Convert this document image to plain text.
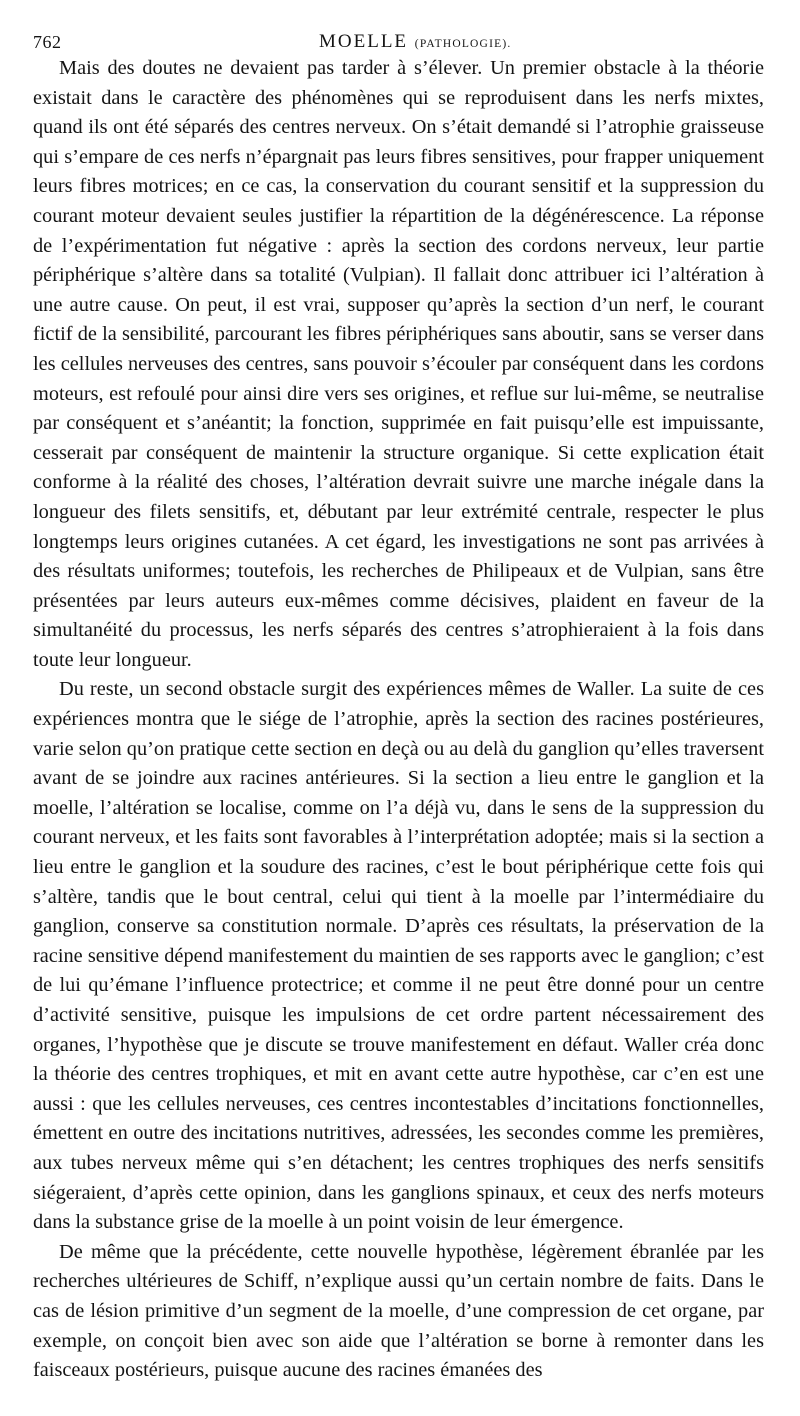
762	MOELLE (PATHOLOGIE).

Mais des doutes ne devaient pas tarder à s’élever. Un premier obstacle à la théorie existait dans le caractère des phénomènes qui se reproduisent dans les nerfs mixtes, quand ils ont été séparés des centres nerveux. On s’était demandé si l’atrophie graisseuse qui s’empare de ces nerfs n’épargnait pas leurs fibres sensitives, pour frapper uniquement leurs fibres motrices; en ce cas, la conservation du courant sensitif et la suppression du courant moteur devaient seules justifier la répartition de la dégénérescence. La réponse de l’expérimentation fut négative : après la section des cordons nerveux, leur partie périphérique s’altère dans sa totalité (Vulpian). Il fallait donc attribuer ici l’altération à une autre cause. On peut, il est vrai, supposer qu’après la section d’un nerf, le courant fictif de la sensibilité, parcourant les fibres périphériques sans aboutir, sans se verser dans les cellules nerveuses des centres, sans pouvoir s’écouler par conséquent dans les cordons moteurs, est refoulé pour ainsi dire vers ses origines, et reflue sur lui-même, se neutralise par conséquent et s’anéantit; la fonction, supprimée en fait puisqu’elle est impuissante, cesserait par conséquent de maintenir la structure organique. Si cette explication était conforme à la réalité des choses, l’altération devrait suivre une marche inégale dans la longueur des filets sensitifs, et, débutant par leur extrémité centrale, respecter le plus longtemps leurs origines cutanées. A cet égard, les investigations ne sont pas arrivées à des résultats uniformes; toutefois, les recherches de Philipeaux et de Vulpian, sans être présentées par leurs auteurs eux-mêmes comme décisives, plaident en faveur de la simultanéité du processus, les nerfs séparés des centres s’atrophieraient à la fois dans toute leur longueur.

Du reste, un second obstacle surgit des expériences mêmes de Waller. La suite de ces expériences montra que le siége de l’atrophie, après la section des racines postérieures, varie selon qu’on pratique cette section en deçà ou au delà du ganglion qu’elles traversent avant de se joindre aux racines antérieures. Si la section a lieu entre le ganglion et la moelle, l’altération se localise, comme on l’a déjà vu, dans le sens de la suppression du courant nerveux, et les faits sont favorables à l’interprétation adoptée; mais si la section a lieu entre le ganglion et la soudure des racines, c’est le bout périphérique cette fois qui s’altère, tandis que le bout central, celui qui tient à la moelle par l’intermédiaire du ganglion, conserve sa constitution normale. D’après ces résultats, la préservation de la racine sensitive dépend manifestement du maintien de ses rapports avec le ganglion; c’est de lui qu’émane l’influence protectrice; et comme il ne peut être donné pour un centre d’activité sensitive, puisque les impulsions de cet ordre partent nécessairement des organes, l’hypothèse que je discute se trouve manifestement en défaut. Waller créa donc la théorie des centres trophiques, et mit en avant cette autre hypothèse, car c’en est une aussi : que les cellules nerveuses, ces centres incontestables d’incitations fonctionnelles, émettent en outre des incitations nutritives, adressées, les secondes comme les premières, aux tubes nerveux même qui s’en détachent; les centres trophiques des nerfs sensitifs siégeraient, d’après cette opinion, dans les ganglions spinaux, et ceux des nerfs moteurs dans la substance grise de la moelle à un point voisin de leur émergence.

De même que la précédente, cette nouvelle hypothèse, légèrement ébranlée par les recherches ultérieures de Schiff, n’explique aussi qu’un certain nombre de faits. Dans le cas de lésion primitive d’un segment de la moelle, d’une compression de cet organe, par exemple, on conçoit bien avec son aide que l’altération se borne à remonter dans les faisceaux postérieurs, puisque aucune des racines émanées des
